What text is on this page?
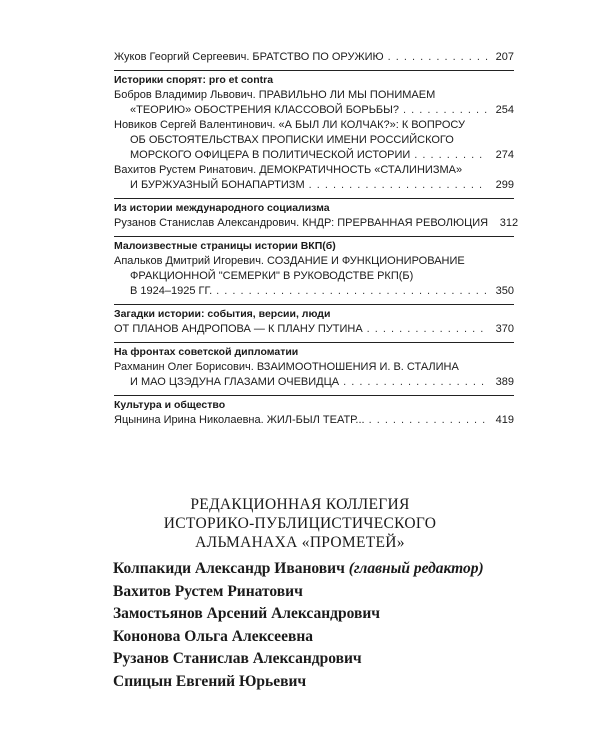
Жуков Георгий Сергеевич. БРАТСТВО ПО ОРУЖИЮ . . .	207
Историки спорят: pro et contra
Бобров Владимир Львович. ПРАВИЛЬНО ЛИ МЫ ПОНИМАЕМ
«ТЕОРИЮ» ОБОСТРЕНИЯ КЛАССОВОЙ БОРЬБЫ? . . .	254
Новиков Сергей Валентинович. «А БЫЛ ЛИ КОЛЧАК?»: К ВОПРОСУ
ОБ ОБСТОЯТЕЛЬСТВАХ ПРОПИСКИ ИМЕНИ РОССИЙСКОГО
МОРСКОГО ОФИЦЕРА В ПОЛИТИЧЕСКОЙ ИСТОРИИ . . .	274
Вахитов Рустем Ринатович. ДЕМОКРАТИЧНОСТЬ «СТАЛИНИЗМА»
И БУРЖУАЗНЫЙ БОНАПАРТИЗМ . . .	299
Из истории международного социализма
Рузанов Станислав Александрович. КНДР: ПРЕРВАННАЯ РЕВОЛЮЦИЯ	312
Малоизвестные страницы истории ВКП(б)
Апальков Дмитрий Игоревич. СОЗДАНИЕ И ФУНКЦИОНИРОВАНИЕ
ФРАКЦИОННОЙ "СЕМЕРКИ" В РУКОВОДСТВЕ РКП(Б)
В 1924–1925 ГГ. . . .	350
Загадки истории: события, версии, люди
ОТ ПЛАНОВ АНДРОПОВА — К ПЛАНУ ПУТИНА . . .	370
На фронтах советской дипломатии
Рахманин Олег Борисович. ВЗАИМООТНОШЕНИЯ И. В. СТАЛИНА
И МАО ЦЗЭДУНА ГЛАЗАМИ ОЧЕВИДЦА . . .	389
Культура и общество
Яцынина Ирина Николаевна. ЖИЛ-БЫЛ ТЕАТР... . . .	419
РЕДАКЦИОННАЯ КОЛЛЕГИЯ
ИСТОРИКО-ПУБЛИЦИСТИЧЕСКОГО
АЛЬМАНАХА «ПРОМЕТЕЙ»
Колпакиди Александр Иванович (главный редактор)
Вахитов Рустем Ринатович
Замостьянов Арсений Александрович
Кононова Ольга Алексеевна
Рузанов Станислав Александрович
Спицын Евгений Юрьевич
